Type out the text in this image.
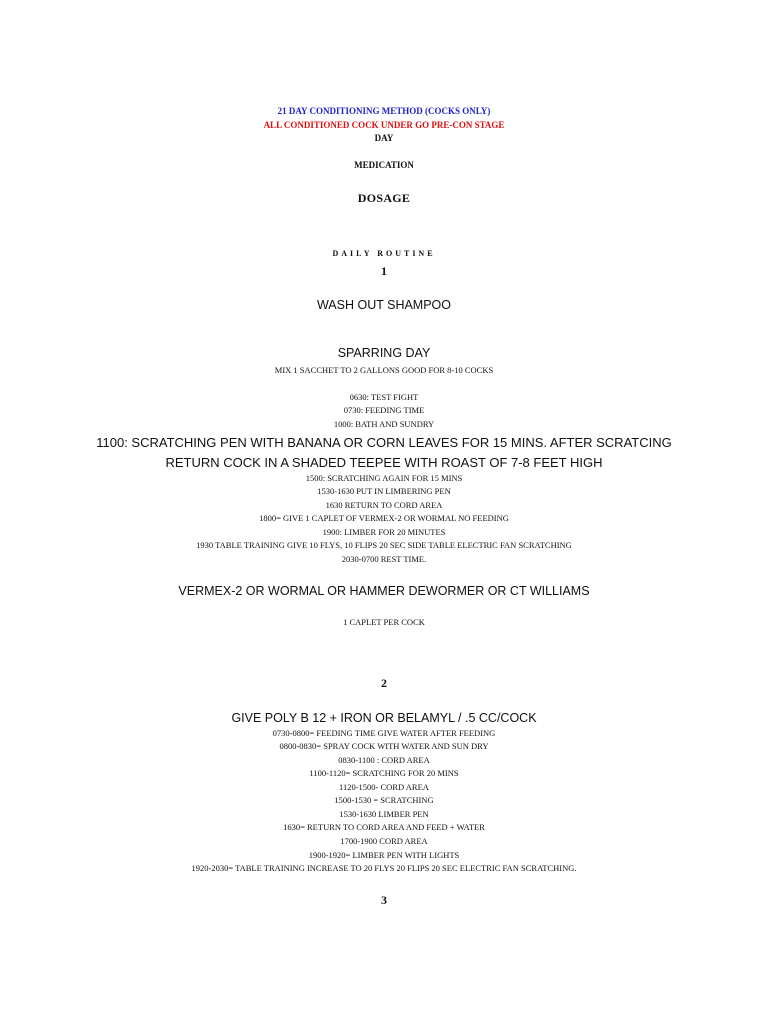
21 DAY CONDITIONING METHOD (COCKS ONLY)
ALL CONDITIONED COCK UNDER GO PRE-CON STAGE
DAY
MEDICATION
DOSAGE
DAILY ROUTINE
1
WASH OUT SHAMPOO
SPARRING DAY
MIX 1 SACCHET TO 2 GALLONS GOOD FOR 8-10 COCKS
0630: TEST FIGHT
0730: FEEDING TIME
1000: BATH AND SUNDRY
1100: SCRATCHING PEN WITH BANANA OR CORN LEAVES FOR 15 MINS. AFTER SCRATCING
RETURN COCK IN A SHADED TEEPEE WITH ROAST OF 7-8 FEET HIGH
1500: SCRATCHING AGAIN FOR 15 MINS
1530-1630 PUT IN LIMBERING PEN
1630 RETURN TO CORD AREA
1800= GIVE 1 CAPLET OF VERMEX-2 OR WORMAL NO FEEDING
1900: LIMBER FOR 20 MINUTES
1930 TABLE TRAINING GIVE 10 FLYS, 10 FLIPS 20 SEC SIDE TABLE ELECTRIC FAN SCRATCHING
2030-0700 REST TIME.
VERMEX-2 OR WORMAL OR HAMMER DEWORMER OR CT WILLIAMS
1 CAPLET PER COCK
2
GIVE POLY B 12 + IRON OR BELAMYL / .5 CC/COCK
0730-0800= FEEDING TIME GIVE WATER AFTER FEEDING
0800-0830= SPRAY COCK WITH WATER AND SUN DRY
0830-1100 : CORD AREA
1100-1120= SCRATCHING FOR 20 MINS
1120-1500- CORD AREA
1500-1530 = SCRATCHING
1530-1630 LIMBER PEN
1630= RETURN TO CORD AREA AND FEED + WATER
1700-1900 CORD AREA
1900-1920= LIMBER PEN WITH LIGHTS
1920-2030= TABLE TRAINING INCREASE TO 20 FLYS 20 FLIPS 20 SEC ELECTRIC FAN SCRATCHING.
3
